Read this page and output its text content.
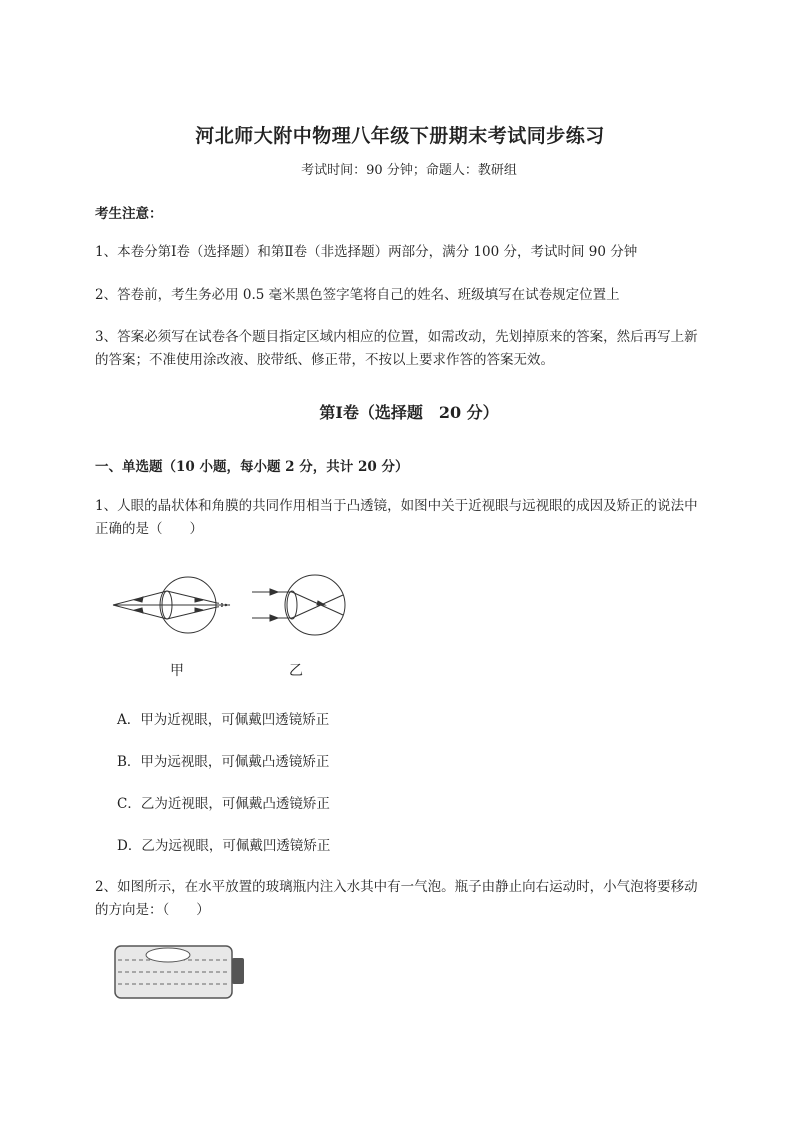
河北师大附中物理八年级下册期末考试同步练习
考试时间：90 分钟；命题人：教研组
考生注意：
1、本卷分第Ⅰ卷（选择题）和第Ⅱ卷（非选择题）两部分，满分 100 分，考试时间 90 分钟
2、答卷前，考生务必用 0.5 毫米黑色签字笔将自己的姓名、班级填写在试卷规定位置上
3、答案必须写在试卷各个题目指定区域内相应的位置，如需改动，先划掉原来的答案，然后再写上新的答案；不准使用涂改液、胶带纸、修正带，不按以上要求作答的答案无效。
第Ⅰ卷（选择题　20 分）
一、单选题（10 小题，每小题 2 分，共计 20 分）
1、人眼的晶状体和角膜的共同作用相当于凸透镜，如图中关于近视眼与远视眼的成因及矫正的说法中正确的是（　　）
甲	乙
A．甲为近视眼，可佩戴凹透镜矫正
B．甲为远视眼，可佩戴凸透镜矫正
C．乙为近视眼，可佩戴凸透镜矫正
D．乙为远视眼，可佩戴凹透镜矫正
2、如图所示，在水平放置的玻璃瓶内注入水其中有一气泡。瓶子由静止向右运动时，小气泡将要移动的方向是：（　　）
